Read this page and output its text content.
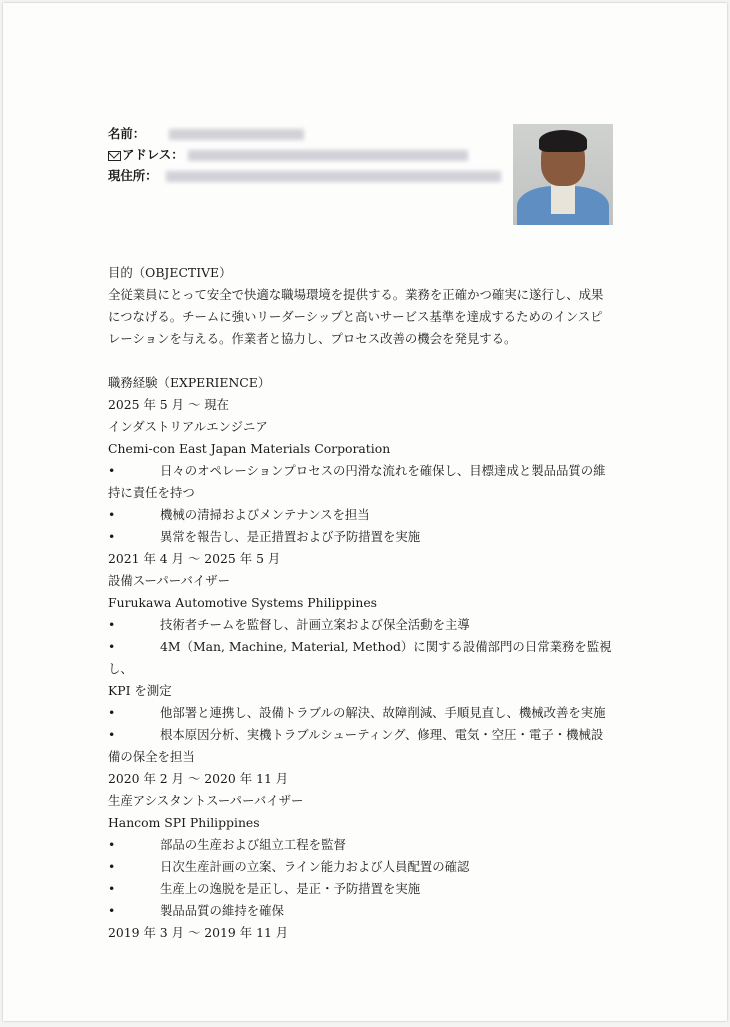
名前：
アドレス：
現住所：
目的（OBJECTIVE）
全従業員にとって安全で快適な職場環境を提供する。業務を正確かつ確実に遂行し、成果
につなげる。チームに強いリーダーシップと高いサービス基準を達成するためのインスピ
レーションを与える。作業者と協力し、プロセス改善の機会を発見する。
職務経験（EXPERIENCE）
2025 年 5 月 〜 現在
インダストリアルエンジニア
Chemi-con East Japan Materials Corporation
•	日々のオペレーションプロセスの円滑な流れを確保し、目標達成と製品品質の維
持に責任を持つ
•	機械の清掃およびメンテナンスを担当
•	異常を報告し、是正措置および予防措置を実施
2021 年 4 月 〜 2025 年 5 月
設備スーパーバイザー
Furukawa Automotive Systems Philippines
•	技術者チームを監督し、計画立案および保全活動を主導
•	4M（Man, Machine, Material, Method）に関する設備部門の日常業務を監視し、
KPI を測定
•	他部署と連携し、設備トラブルの解決、故障削減、手順見直し、機械改善を実施
•	根本原因分析、実機トラブルシューティング、修理、電気・空圧・電子・機械設
備の保全を担当
2020 年 2 月 〜 2020 年 11 月
生産アシスタントスーパーバイザー
Hancom SPI Philippines
•	部品の生産および組立工程を監督
•	日次生産計画の立案、ライン能力および人員配置の確認
•	生産上の逸脱を是正し、是正・予防措置を実施
•	製品品質の維持を確保
2019 年 3 月 〜 2019 年 11 月
